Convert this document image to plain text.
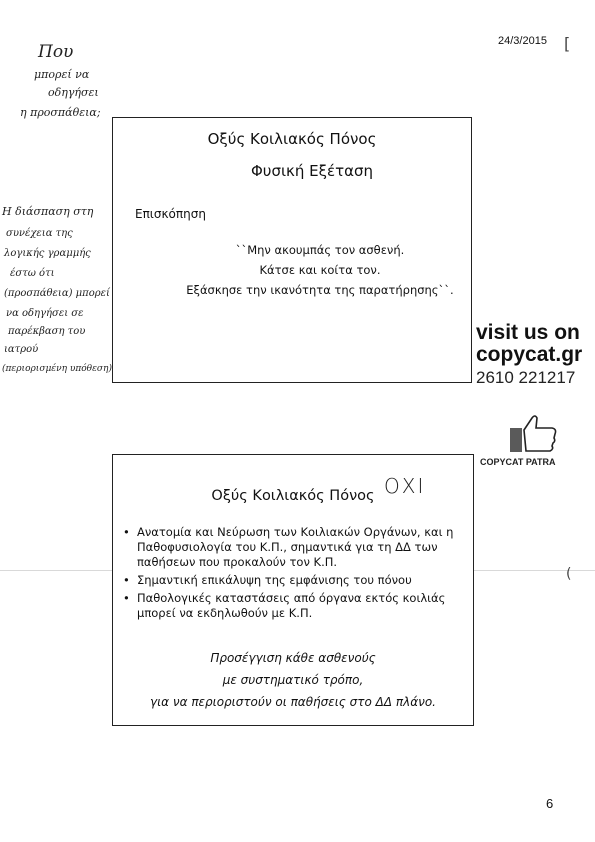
24/3/2015
Που
μπορεί να
οδηγήσει
η προσπάθεια;
Η διάσπαση στη
συνέχεια της
λογικής γραμμής
έστω ότι
(προσπάθεια) μπορεί
να οδηγήσει σε
παρέκβαση του
ιατρού
(περιορισμένη υπόθεση)
Οξύς Κοιλιακός Πόνος
Φυσική Εξέταση
Επισκόπηση
``Μην ακουμπάς τον ασθενή.
Κάτσε και κοίτα τον.
Εξάσκησε την ικανότητα της παρατήρησης``.
visit us on
copycat.gr
2610 221217
COPYCAT PATRA
(
[
Οξύς Κοιλιακός Πόνος
• Ανατομία και Νεύρωση των Κοιλιακών Οργάνων, και η Παθοφυσιολογία του Κ.Π., σημαντικά για τη ΔΔ των παθήσεων που προκαλούν τον Κ.Π.
• Σημαντική επικάλυψη της εμφάνισης του πόνου
• Παθολογικές καταστάσεις από όργανα εκτός κοιλιάς μπορεί να εκδηλωθούν με Κ.Π.
Προσέγγιση κάθε ασθενούς
με συστηματικό τρόπο,
για να περιοριστούν οι παθήσεις στο ΔΔ πλάνο.
ΟΧΙ
6
